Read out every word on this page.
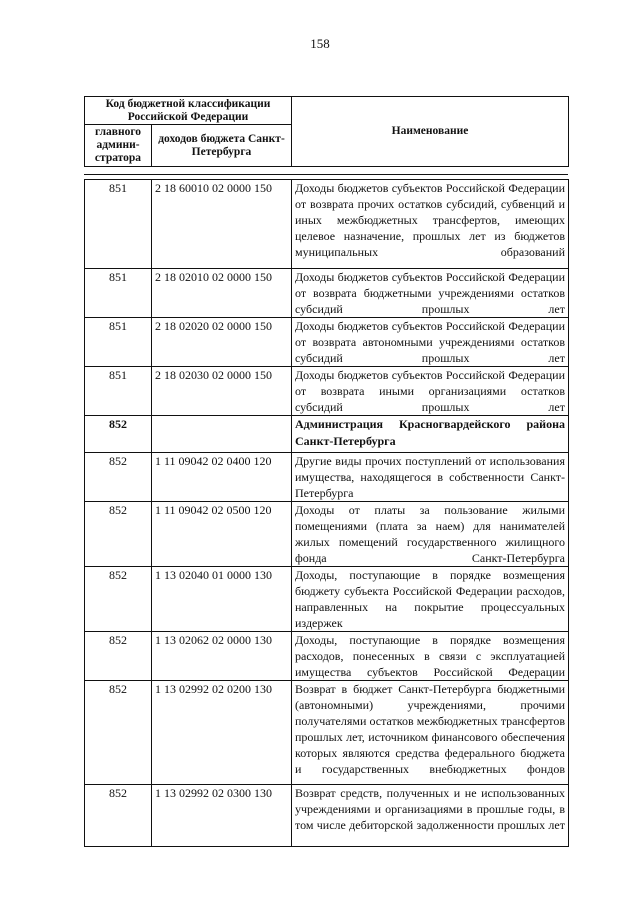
158
Код бюджетной классификации Российской Федерации		Наименование
главного админи-стратора	доходов бюджета Санкт-Петербурга	
851	2 18 60010 02 0000 150	Доходы бюджетов субъектов Российской Федерации от возврата прочих остатков субсидий, субвенций и иных межбюджетных трансфертов, имеющих целевое назначение, прошлых лет из бюджетов муниципальных образований
851	2 18 02010 02 0000 150	Доходы бюджетов субъектов Российской Федерации от возврата бюджетными учреждениями остатков субсидий прошлых лет
851	2 18 02020 02 0000 150	Доходы бюджетов субъектов Российской Федерации от возврата автономными учреждениями остатков субсидий прошлых лет
851	2 18 02030 02 0000 150	Доходы бюджетов субъектов Российской Федерации от возврата иными организациями остатков субсидий прошлых лет
852		Администрация Красногвардейского района Санкт-Петербурга
852	1 11 09042 02 0400 120	Другие виды прочих поступлений от использования имущества, находящегося в собственности Санкт-Петербурга
852	1 11 09042 02 0500 120	Доходы от платы за пользование жилыми помещениями (плата за наем) для нанимателей жилых помещений государственного жилищного фонда Санкт-Петербурга
852	1 13 02040 01 0000 130	Доходы, поступающие в порядке возмещения бюджету субъекта Российской Федерации расходов, направленных на покрытие процессуальных издержек
852	1 13 02062 02 0000 130	Доходы, поступающие в порядке возмещения расходов, понесенных в связи с эксплуатацией имущества субъектов Российской Федерации
852	1 13 02992 02 0200 130	Возврат в бюджет Санкт-Петербурга бюджетными (автономными) учреждениями, прочими получателями остатков межбюджетных трансфертов прошлых лет, источником финансового обеспечения которых являются средства федерального бюджета и государственных внебюджетных фондов
852	1 13 02992 02 0300 130	Возврат средств, полученных и не использованных учреждениями и организациями в прошлые годы, в том числе дебиторской задолженности прошлых лет
